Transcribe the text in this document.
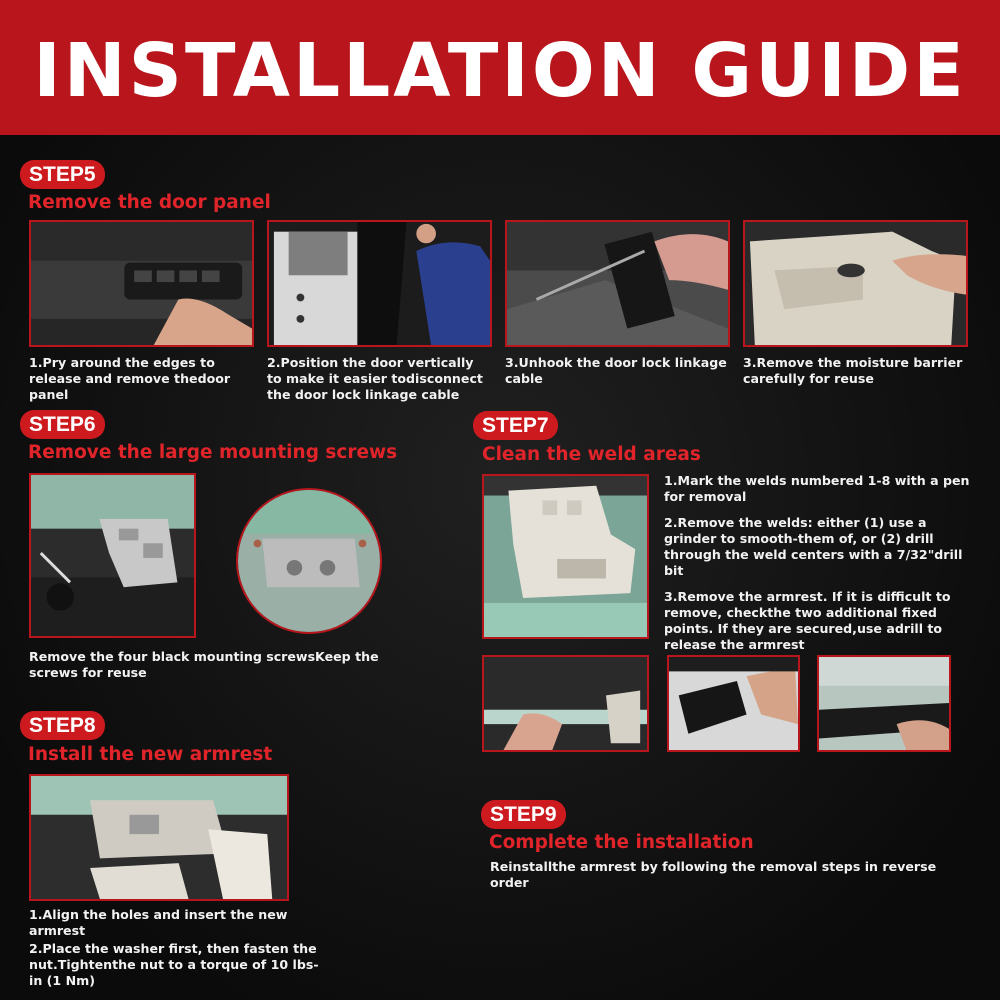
INSTALLATION GUIDE
STEP5
Remove the door panel
1.Pry around the edges to release and remove thedoor panel
2.Position the door vertically to make it easier todisconnect the door lock linkage cable
3.Unhook the door lock linkage cable
3.Remove the moisture barrier carefully for reuse
STEP6
Remove the large mounting screws
Remove the four black mounting screwsKeep the screws for reuse
STEP7
Clean the weld areas

1.Mark the welds numbered 1-8 with a pen for removal

2.Remove the welds: either (1) use a grinder to smooth-them of, or (2) drill through the weld centers with a 7/32"drill bit

3.Remove the armrest. If it is difficult to remove, checkthe two additional fixed points. If they are secured,use adrill to release the armrest

STEP8
Install the new armrest

1.Align the holes and insert the new armrest

2.Place the washer first, then fasten the nut.Tightenthe nut to a torque of 10 lbs-in (1 Nm)

STEP9
Complete the installation
Reinstallthe armrest by following the removal steps in reverse order
